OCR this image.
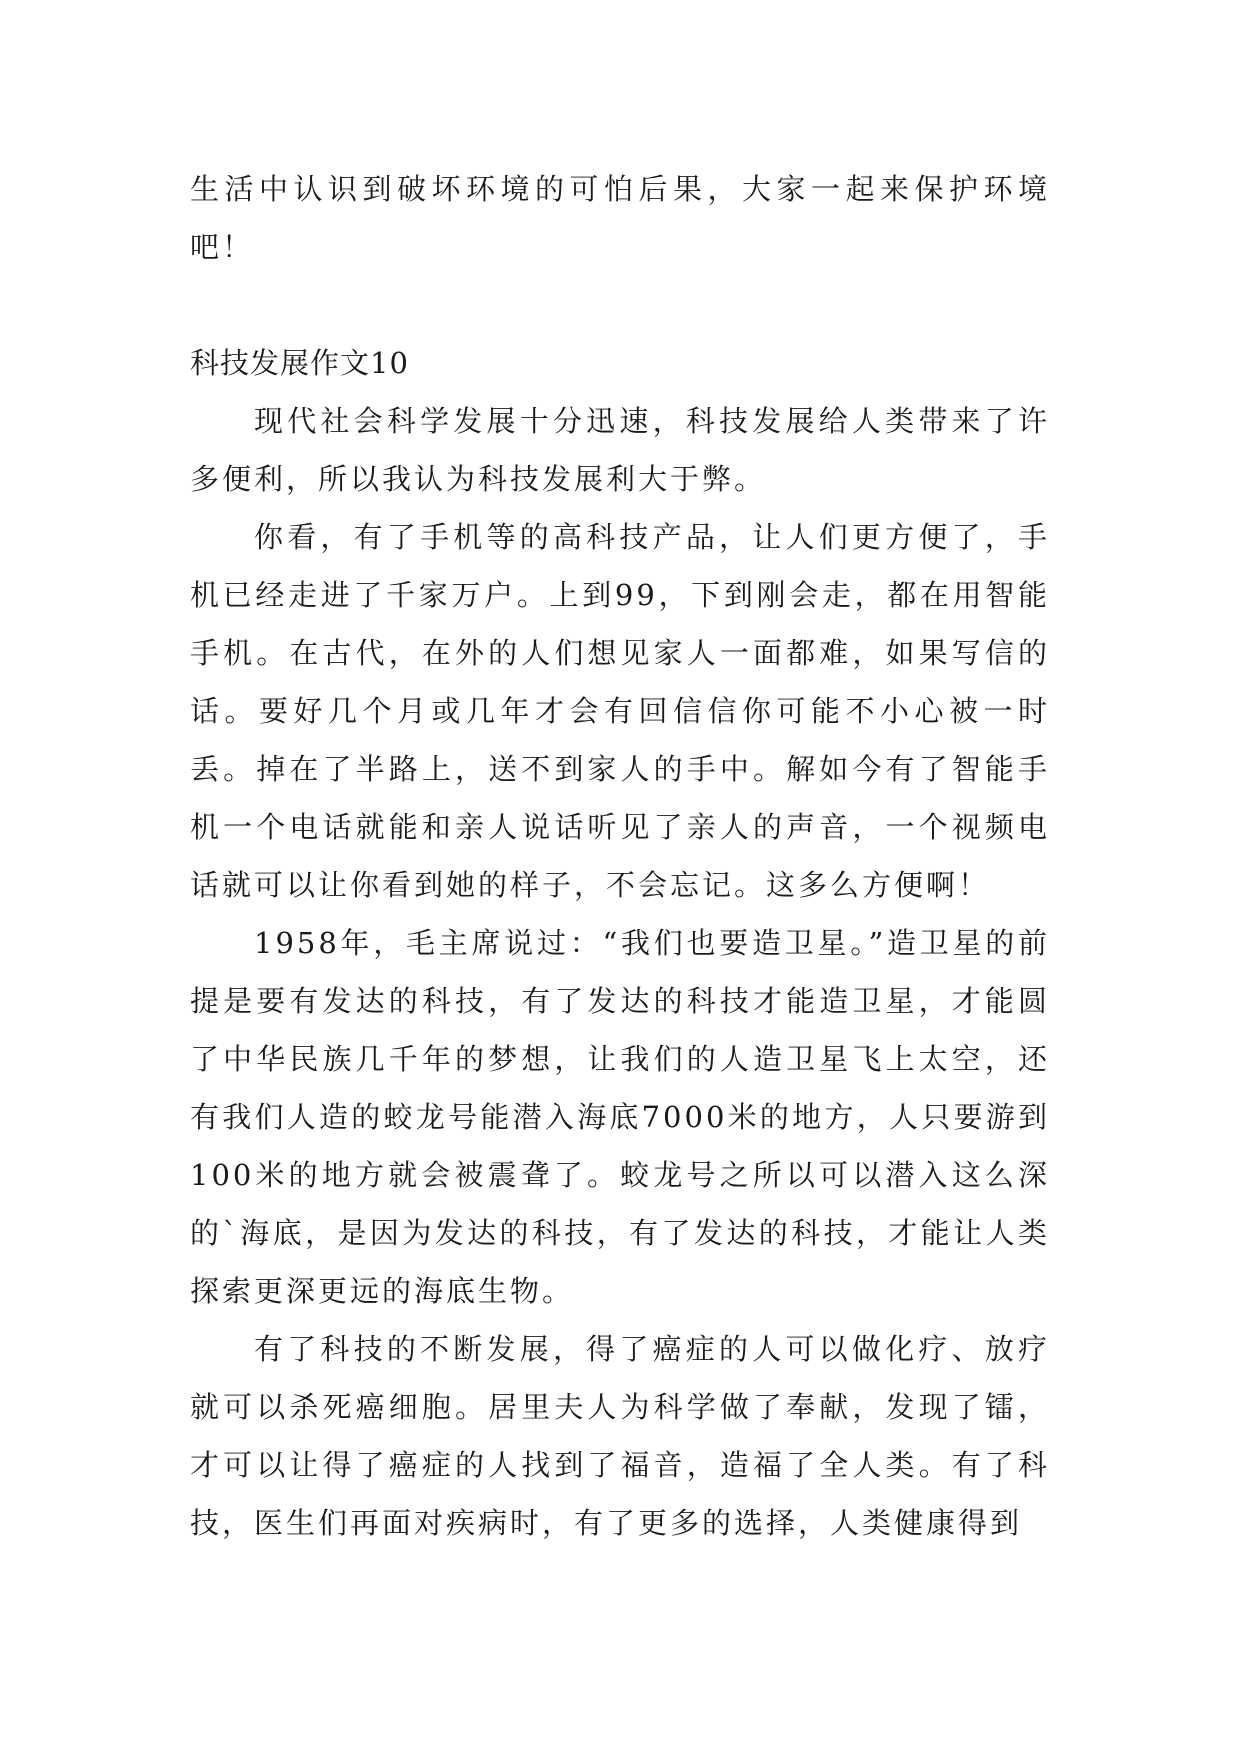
生活中认识到破坏环境的可怕后果，大家一起来保护环境吧！

科技发展作文10

现代社会科学发展十分迅速，科技发展给人类带来了许多便利，所以我认为科技发展利大于弊。

你看，有了手机等的高科技产品，让人们更方便了，手机已经走进了千家万户。上到99，下到刚会走，都在用智能手机。在古代，在外的人们想见家人一面都难，如果写信的话。要好几个月或几年才会有回信信你可能不小心被一时丢。掉在了半路上，送不到家人的手中。解如今有了智能手机一个电话就能和亲人说话听见了亲人的声音，一个视频电话就可以让你看到她的样子，不会忘记。这多么方便啊！

1958年，毛主席说过：“我们也要造卫星。”造卫星的前提是要有发达的科技，有了发达的科技才能造卫星，才能圆了中华民族几千年的梦想，让我们的人造卫星飞上太空，还有我们人造的蛟龙号能潜入海底7000米的地方，人只要游到100米的地方就会被震聋了。蛟龙号之所以可以潜入这么深的`海底，是因为发达的科技，有了发达的科技，才能让人类探索更深更远的海底生物。

有了科技的不断发展，得了癌症的人可以做化疗、放疗就可以杀死癌细胞。居里夫人为科学做了奉献，发现了镭，才可以让得了癌症的人找到了福音，造福了全人类。有了科技，医生们再面对疾病时，有了更多的选择，人类健康得到
